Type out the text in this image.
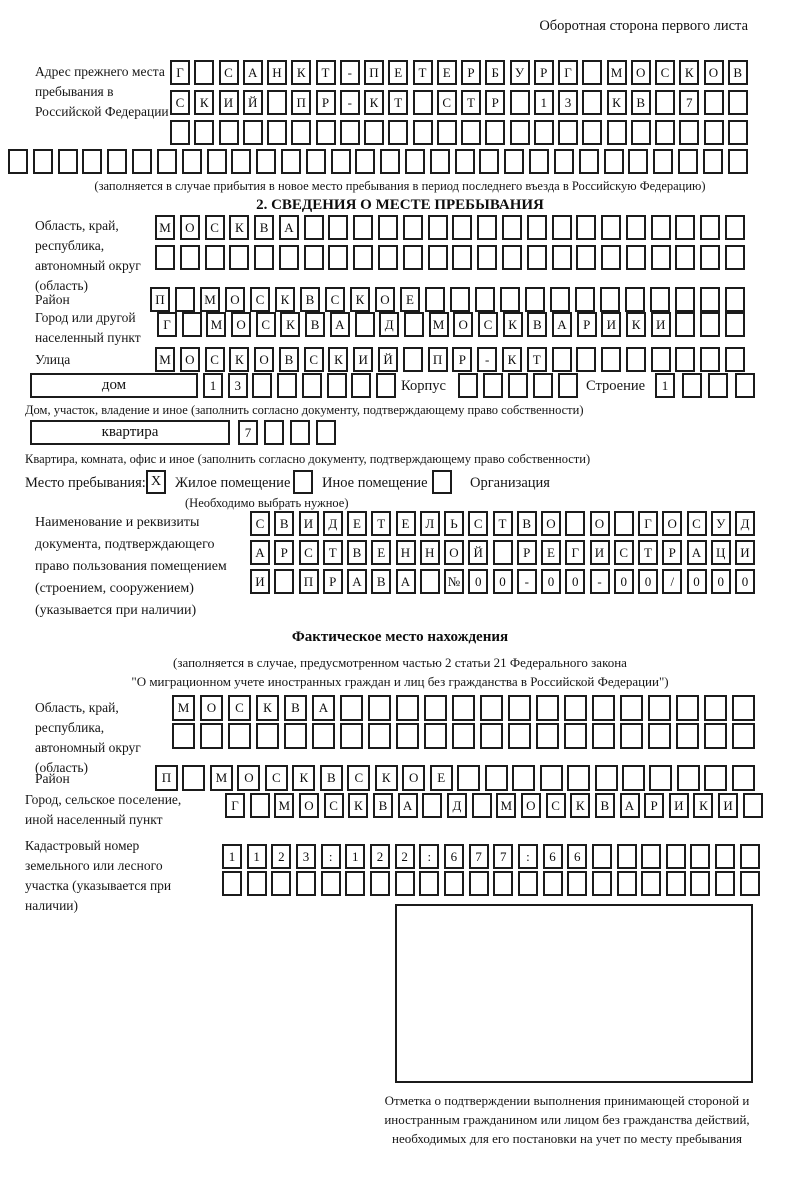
Оборотная сторона первого листа
Адрес прежнего места пребывания в Российской Федерации
Г	С	А	Н	К	Т	-	П	Е	Т	Е	Р	Б	У	Р	Г	М	О	С	К	О	В
С	К	И	Й	П	Р	-	К	Т	С	Т	Р	1	3	К	В	7
(заполняется в случае прибытия в новое место пребывания в период последнего въезда в Российскую Федерацию)
2. СВЕДЕНИЯ О МЕСТЕ ПРЕБЫВАНИЯ
Область, край, республика, автономный округ (область)
М	О	С	К	В	А
Район	П	М	О	С	К	В	С	К	О	Е
Город или другой населенный пункт
Г	М	О	С	К	В	А	Д	М	О	С	К	В	А	Р	И	К	И
Улица	М	О	С	К	О	В	С	К	И	Й	П	Р	-	К	Т
дом	1	3	Корпус	Строение	1
Дом, участок, владение и иное (заполнить согласно документу, подтверждающему право собственности)
квартира	7
Квартира, комната, офис и иное (заполнить согласно документу, подтверждающему право собственности)
Место пребывания: X Жилое помещение Иное помещение	Организация
(Необходимо выбрать нужное)
Наименование и реквизиты документа, подтверждающего право пользования помещением (строением, сооружением) (указывается при наличии)
С	В	И	Д	Е	Т	Е	Л	Ь	С	Т	В	О	О	Г	О	С	У	Д
А	Р	С	Т	В	Е	Н	Н	О	Й	Р	Е	Г	И	С	Т	Р	А	Ц	И
И	П	Р	А	В	А	№	0	0	-	0	0	-	0	0	/	0	0	0
Фактическое место нахождения
(заполняется в случае, предусмотренном частью 2 статьи 21 Федерального закона
"О миграционном учете иностранных граждан и лиц без гражданства в Российской Федерации")
Область, край, республика, автономный округ (область)
М	О	С	К	В	А
Район	П	М	О	С	К	В	С	К	О	Е
Город, сельское поселение, иной населенный пункт
Г	М	О	С	К	В	А	Д	М	О	С	К	В	А	Р	И	К	И
Кадастровый номер земельного или лесного участка (указывается при наличии)
1	1	2	3	:	1	2	2	:	6	7	7	:	6	6
Отметка о подтверждении выполнения принимающей стороной и иностранным гражданином или лицом без гражданства действий, необходимых для его постановки на учет по месту пребывания
